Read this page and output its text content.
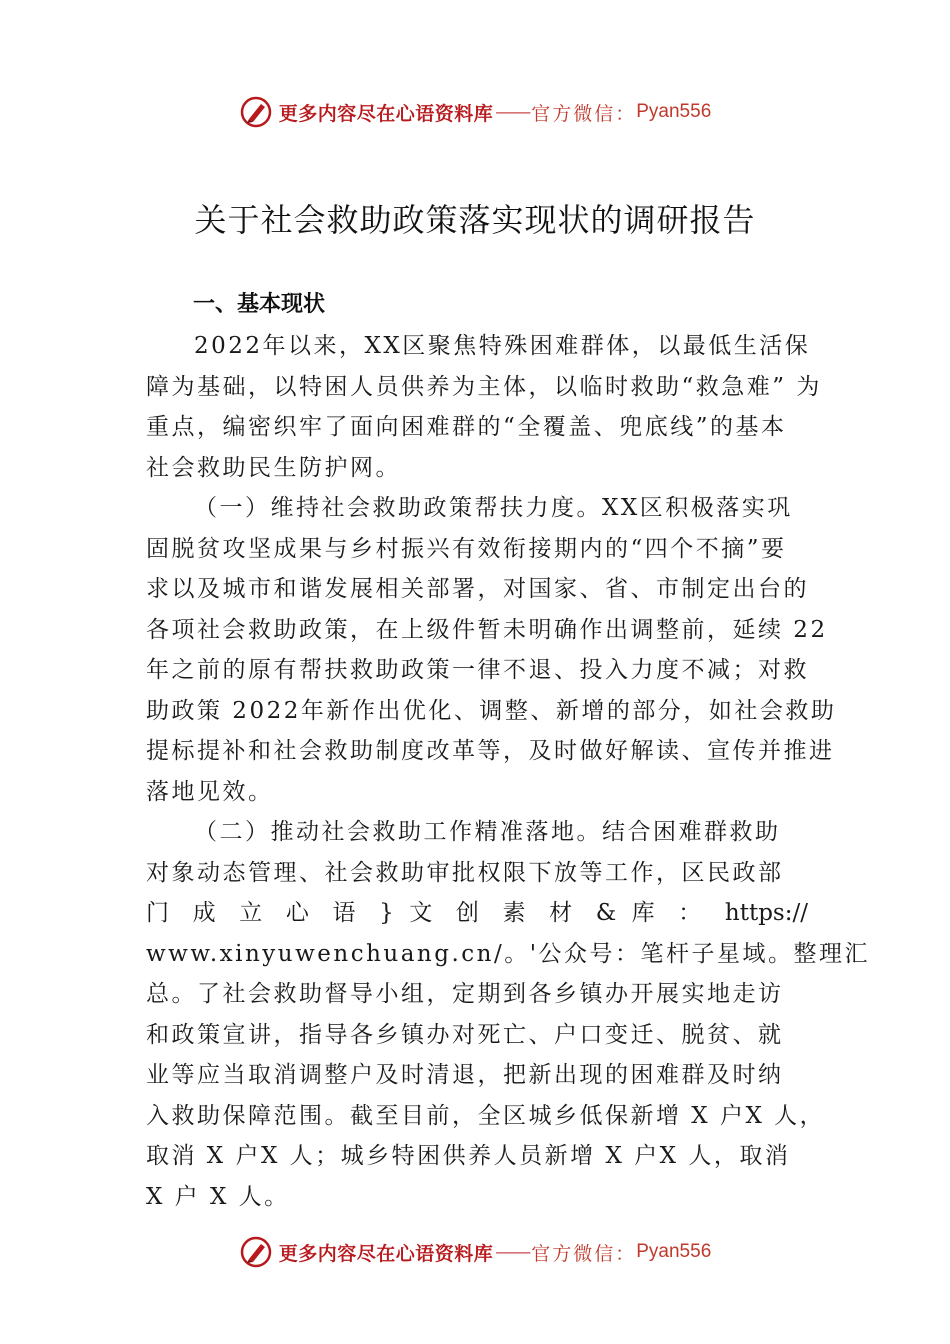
更多内容尽在心语资料库 —— 官方微信： Pyan556
关于社会救助政策落实现状的调研报告
一、基本现状
2022年以来，XX区聚焦特殊困难群体，以最低生活保
障为基础，以特困人员供养为主体，以临时救助“救急难” 为
重点，编密织牢了面向困难群的“全覆盖、兜底线”的基本
社会救助民生防护网。
（一）维持社会救助政策帮扶力度。XX区积极落实巩
固脱贫攻坚成果与乡村振兴有效衔接期内的“四个不摘”要
求以及城市和谐发展相关部署，对国家、省、市制定出台的
各项社会救助政策，在上级件暂未明确作出调整前，延续 22
年之前的原有帮扶救助政策一律不退、投入力度不减；对救
助政策 2022年新作出优化、调整、新增的部分，如社会救助
提标提补和社会救助制度改革等，及时做好解读、宣传并推进
落地见效。
（二）推动社会救助工作精准落地。结合困难群救助
对象动态管理、社会救助审批权限下放等工作，区民政部
门 成 立 心 语 } 文 创 素 材 & 库 ： https://
www.xinyuwenchuang.cn/。'公众号：笔杆子星域。整理汇
总。了社会救助督导小组，定期到各乡镇办开展实地走访
和政策宣讲，指导各乡镇办对死亡、户口变迁、脱贫、就
业等应当取消调整户及时清退，把新出现的困难群及时纳
入救助保障范围。截至目前，全区城乡低保新增 X 户X 人，
取消 X 户X 人；城乡特困供养人员新增 X 户X 人，取消
X 户 X 人。
更多内容尽在心语资料库 —— 官方微信： Pyan556
